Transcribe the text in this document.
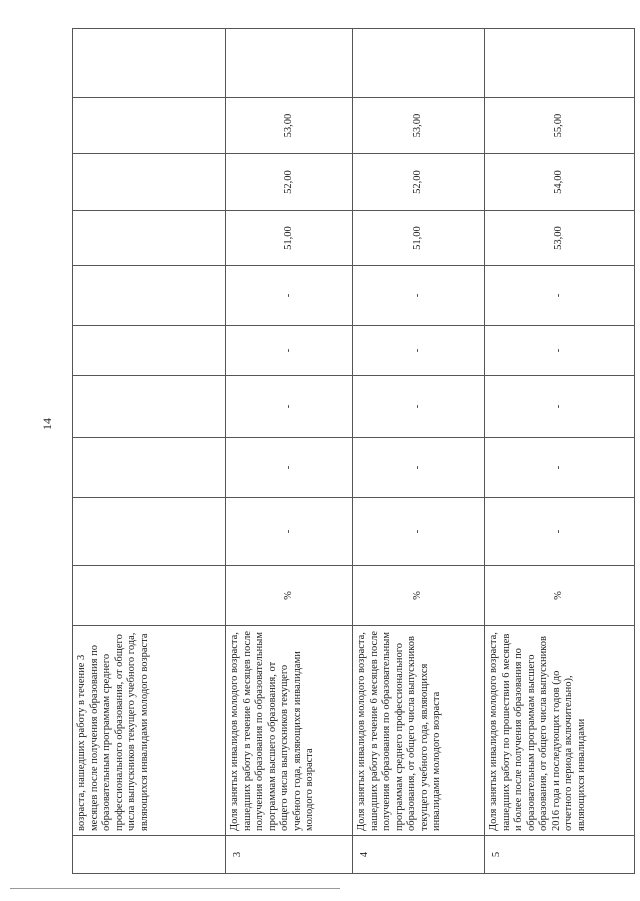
14
	возраста, нашедших работу в течение 3 месяцев после получения образования по образовательным программам среднего профессионального образования, от общего числа выпускников текущего учебного года, являющихся инвалидами молодого возраста										
3	Доля занятых инвалидов молодого возраста, нашедших работу в течение 6 месяцев после получения образования по образовательным программам высшего образования, от общего числа выпускников текущего учебного года, являющихся инвалидами молодого возраста	%	-	-	-	-	-	51,00	52,00	53,00	
4	Доля занятых инвалидов молодого возраста, нашедших работу в течение 6 месяцев после получения образования по образовательным программам среднего профессионального образования, от общего числа выпускников текущего учебного года, являющихся инвалидами молодого возраста	%	-	-	-	-	-	51,00	52,00	53,00	
5	Доля занятых инвалидов молодого возраста, нашедших работу по прошествии 6 месяцев и более после получения образования по образовательным программам высшего образования, от общего числа выпускников 2016 года и последующих годов (до отчетного периода включительно), являющихся инвалидами	%	-	-	-	-	-	53,00	54,00	55,00	
